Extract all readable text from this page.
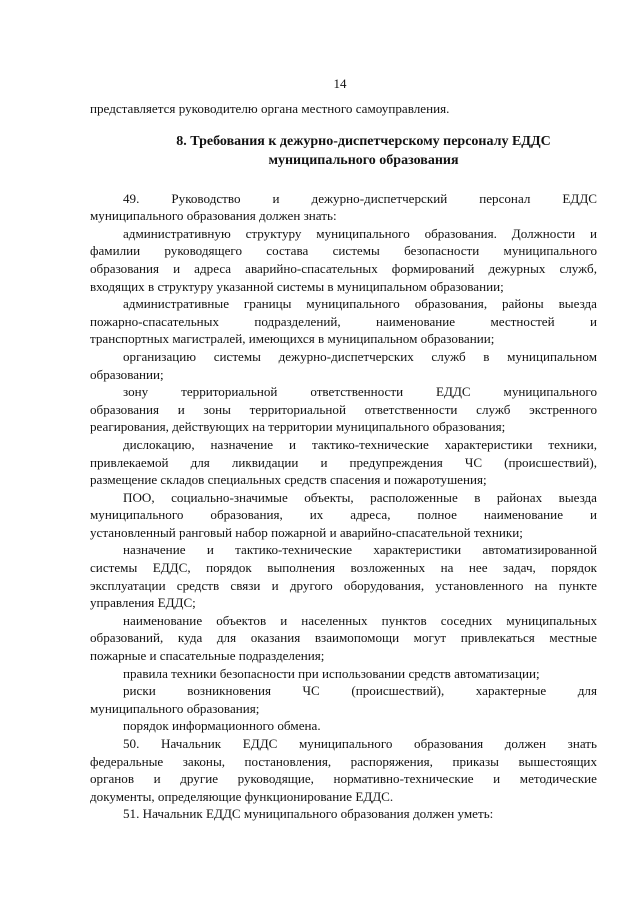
14
представляется руководителю органа местного самоуправления.
8. Требования к дежурно-диспетчерскому персоналу ЕДДС
муниципального образования
49. Руководство и дежурно-диспетчерский персонал ЕДДС
муниципального образования должен знать:
административную структуру муниципального образования. Должности и
фамилии руководящего состава системы безопасности муниципального
образования и адреса аварийно-спасательных формирований дежурных служб,
входящих в структуру указанной системы в муниципальном образовании;
административные границы муниципального образования, районы выезда
пожарно-спасательных подразделений, наименование местностей и
транспортных магистралей, имеющихся в муниципальном образовании;
организацию системы дежурно-диспетчерских служб в муниципальном
образовании;
зону территориальной ответственности ЕДДС муниципального
образования и зоны территориальной ответственности служб экстренного
реагирования, действующих на территории муниципального образования;
дислокацию, назначение и тактико-технические характеристики техники,
привлекаемой для ликвидации и предупреждения ЧС (происшествий),
размещение складов специальных средств спасения и пожаротушения;
ПОО, социально-значимые объекты, расположенные в районах выезда
муниципального образования, их адреса, полное наименование и
установленный ранговый набор пожарной и аварийно-спасательной техники;
назначение и тактико-технические характеристики автоматизированной
системы ЕДДС, порядок выполнения возложенных на нее задач, порядок
эксплуатации средств связи и другого оборудования, установленного на пункте
управления ЕДДС;
наименование объектов и населенных пунктов соседних муниципальных
образований, куда для оказания взаимопомощи могут привлекаться местные
пожарные и спасательные подразделения;
правила техники безопасности при использовании средств автоматизации;
риски возникновения ЧС (происшествий), характерные для
муниципального образования;
порядок информационного обмена.
50. Начальник ЕДДС муниципального образования должен знать
федеральные законы, постановления, распоряжения, приказы вышестоящих
органов и другие руководящие, нормативно-технические и методические
документы, определяющие функционирование ЕДДС.
51. Начальник ЕДДС муниципального образования должен уметь:
